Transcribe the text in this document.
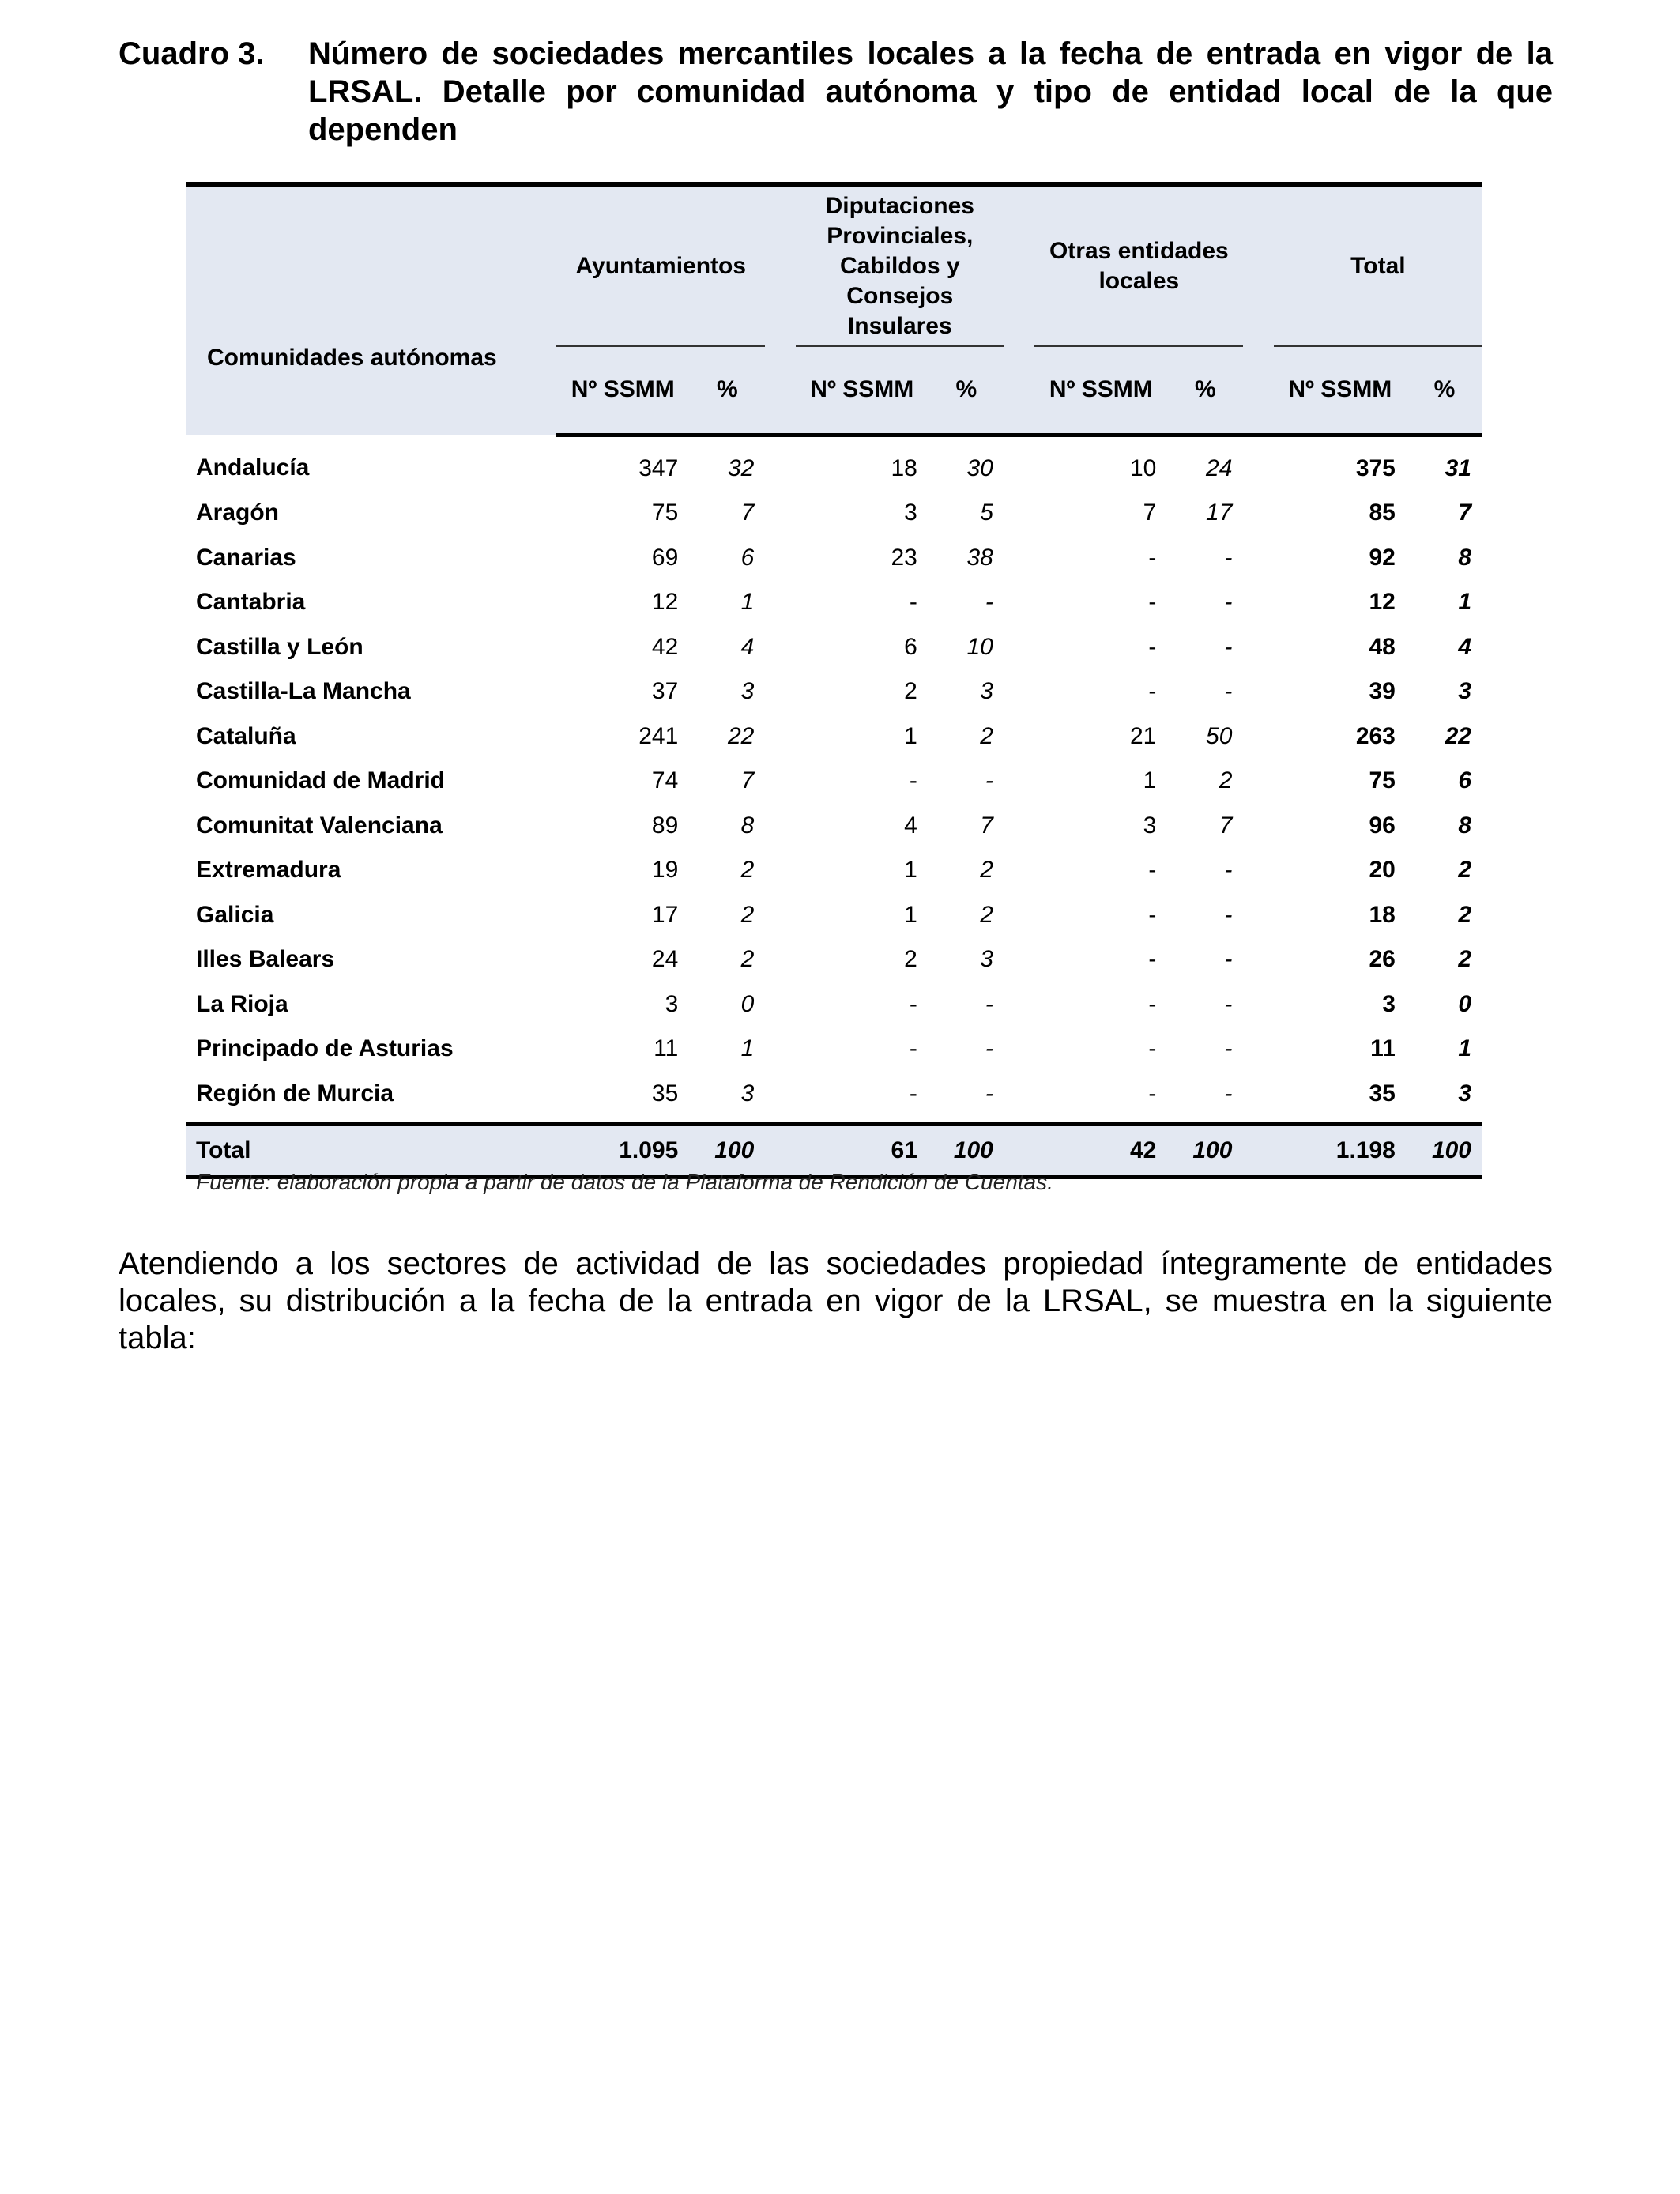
Cuadro 3.	Número de sociedades mercantiles locales a la fecha de entrada en vigor de la LRSAL. Detalle por comunidad autónoma y tipo de entidad local de la que dependen
Comunidades autónomas	Ayuntamientos			Diputaciones Provinciales, Cabildos y Consejos Insulares			Otras entidades locales			Total	
	Nº SSMM	%		Nº SSMM	%		Nº SSMM	%		Nº SSMM	%
Andalucía	347	32		18	30		10	24		375	31
Aragón	75	7		3	5		7	17		85	7
Canarias	69	6		23	38		-	-		92	8
Cantabria	12	1		-	-		-	-		12	1
Castilla y León	42	4		6	10		-	-		48	4
Castilla-La Mancha	37	3		2	3		-	-		39	3
Cataluña	241	22		1	2		21	50		263	22
Comunidad de Madrid	74	7		-	-		1	2		75	6
Comunitat Valenciana	89	8		4	7		3	7		96	8
Extremadura	19	2		1	2		-	-		20	2
Galicia	17	2		1	2		-	-		18	2
Illes Balears	24	2		2	3		-	-		26	2
La Rioja	3	0		-	-		-	-		3	0
Principado de Asturias	11	1		-	-		-	-		11	1
Región de Murcia	35	3		-	-		-	-		35	3
Total	1.095	100		61	100		42	100		1.198	100
Fuente: elaboración propia a partir de datos de la Plataforma de Rendición de Cuentas.
Atendiendo a los sectores de actividad de las sociedades propiedad íntegramente de entidades locales, su distribución a la fecha de la entrada en vigor de la LRSAL, se muestra en la siguiente tabla:
